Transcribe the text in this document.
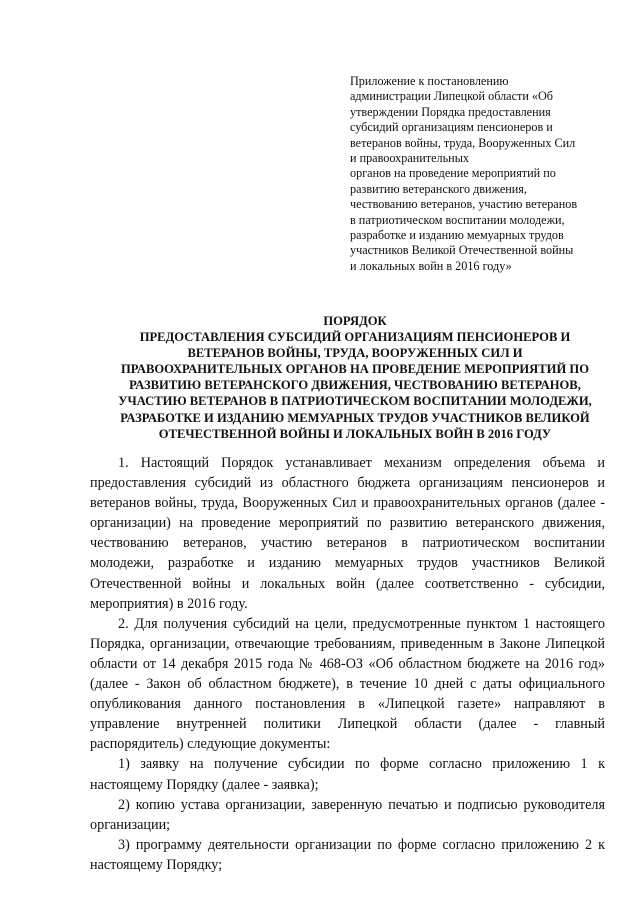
Приложение к постановлению
администрации Липецкой области «Об
утверждении Порядка предоставления
субсидий организациям пенсионеров и
ветеранов войны, труда, Вооруженных Сил
и правоохранительных
органов на проведение мероприятий по
развитию ветеранского движения,
чествованию ветеранов, участию ветеранов
в патриотическом воспитании молодежи,
разработке и изданию мемуарных трудов
участников Великой Отечественной войны
и локальных войн в 2016 году»
ПОРЯДОК
ПРЕДОСТАВЛЕНИЯ СУБСИДИЙ ОРГАНИЗАЦИЯМ ПЕНСИОНЕРОВ И
ВЕТЕРАНОВ ВОЙНЫ, ТРУДА, ВООРУЖЕННЫХ СИЛ И
ПРАВООХРАНИТЕЛЬНЫХ ОРГАНОВ НА ПРОВЕДЕНИЕ МЕРОПРИЯТИЙ ПО
РАЗВИТИЮ ВЕТЕРАНСКОГО ДВИЖЕНИЯ, ЧЕСТВОВАНИЮ ВЕТЕРАНОВ,
УЧАСТИЮ ВЕТЕРАНОВ В ПАТРИОТИЧЕСКОМ ВОСПИТАНИИ МОЛОДЕЖИ,
РАЗРАБОТКЕ И ИЗДАНИЮ МЕМУАРНЫХ ТРУДОВ УЧАСТНИКОВ ВЕЛИКОЙ
ОТЕЧЕСТВЕННОЙ ВОЙНЫ И ЛОКАЛЬНЫХ ВОЙН В 2016 ГОДУ

1. Настоящий Порядок устанавливает механизм определения объема и предоставления субсидий из областного бюджета организациям пенсионеров и ветеранов войны, труда, Вооруженных Сил и правоохранительных органов (далее - организации) на проведение мероприятий по развитию ветеранского движения, чествованию ветеранов, участию ветеранов в патриотическом воспитании молодежи, разработке и изданию мемуарных трудов участников Великой Отечественной войны и локальных войн (далее соответственно - субсидии, мероприятия) в 2016 году.

2. Для получения субсидий на цели, предусмотренные пунктом 1 настоящего Порядка, организации, отвечающие требованиям, приведенным в Законе Липецкой области от 14 декабря 2015 года № 468-ОЗ «Об областном бюджете на 2016 год» (далее - Закон об областном бюджете), в течение 10 дней с даты официального опубликования данного постановления в «Липецкой газете» направляют в управление внутренней политики Липецкой области (далее - главный распорядитель) следующие документы:

1) заявку на получение субсидии по форме согласно приложению 1 к настоящему Порядку (далее - заявка);

2) копию устава организации, заверенную печатью и подписью руководителя организации;

3) программу деятельности организации по форме согласно приложению 2 к настоящему Порядку;
